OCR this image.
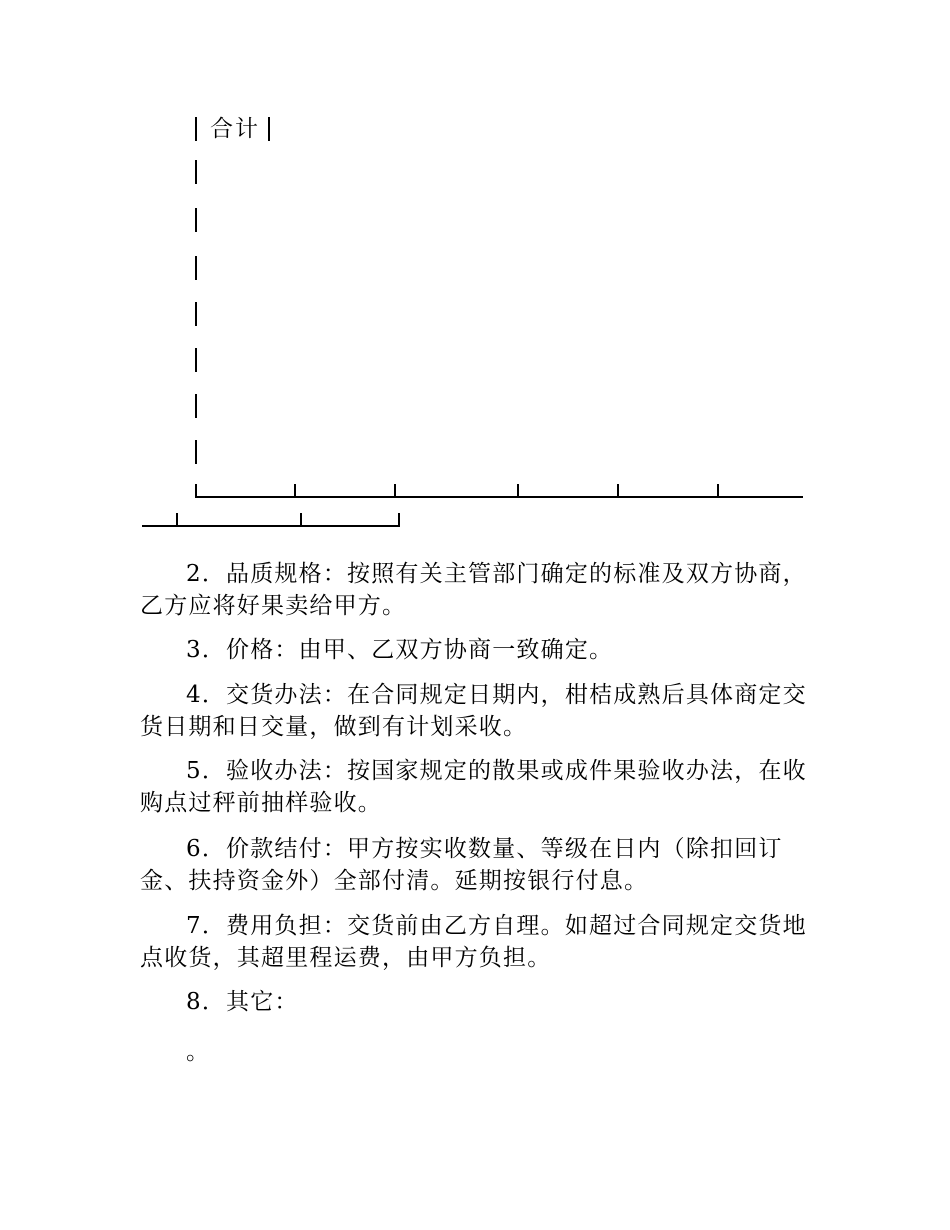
合计

2．品质规格：按照有关主管部门确定的标准及双方协商，乙方应将好果卖给甲方。

3．价格：由甲、乙双方协商一致确定。

4．交货办法：在合同规定日期内，柑桔成熟后具体商定交货日期和日交量，做到有计划采收。

5．验收办法：按国家规定的散果或成件果验收办法，在收购点过秤前抽样验收。

6．价款结付：甲方按实收数量、等级在日内（除扣回订金、扶持资金外）全部付清。延期按银行付息。

7．费用负担：交货前由乙方自理。如超过合同规定交货地点收货，其超里程运费，由甲方负担。

8．其它：

。
